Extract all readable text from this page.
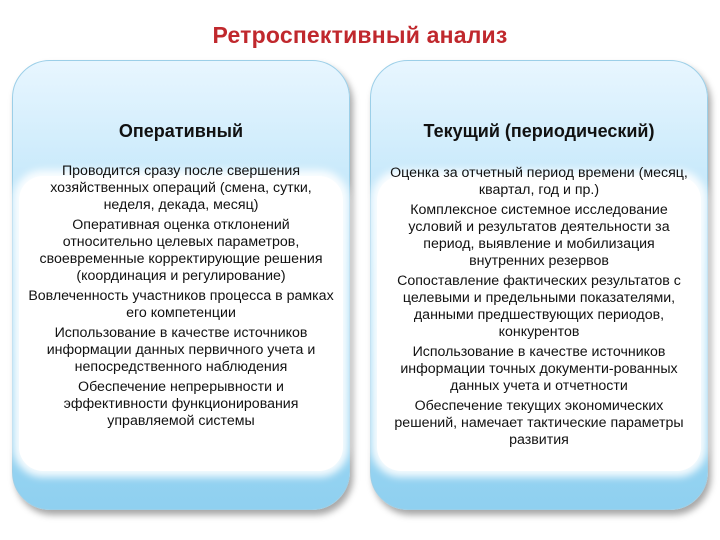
Ретроспективный анализ
Оперативный
Проводится сразу после свершения хозяйственных операций (смена, сутки, неделя, декада, месяц)
Оперативная оценка отклонений относительно целевых параметров, своевременные корректирующие решения (координация и регулирование)
Вовлеченность участников процесса в рамках его компетенции
Использование в качестве источников информации данных первичного учета и непосредственного наблюдения
Обеспечение непрерывности и эффективности функционирования управляемой системы
Текущий (периодический)
Оценка за отчетный период времени (месяц, квартал, год и пр.)
Комплексное системное исследование условий и результатов деятельности за период, выявление и мобилизация внутренних резервов
Сопоставление фактических результатов с целевыми и предельными показателями, данными предшествующих периодов, конкурентов
Использование в качестве источников информации точных документи-рованных данных учета и отчетности
Обеспечение текущих экономических решений, намечает тактические параметры развития
